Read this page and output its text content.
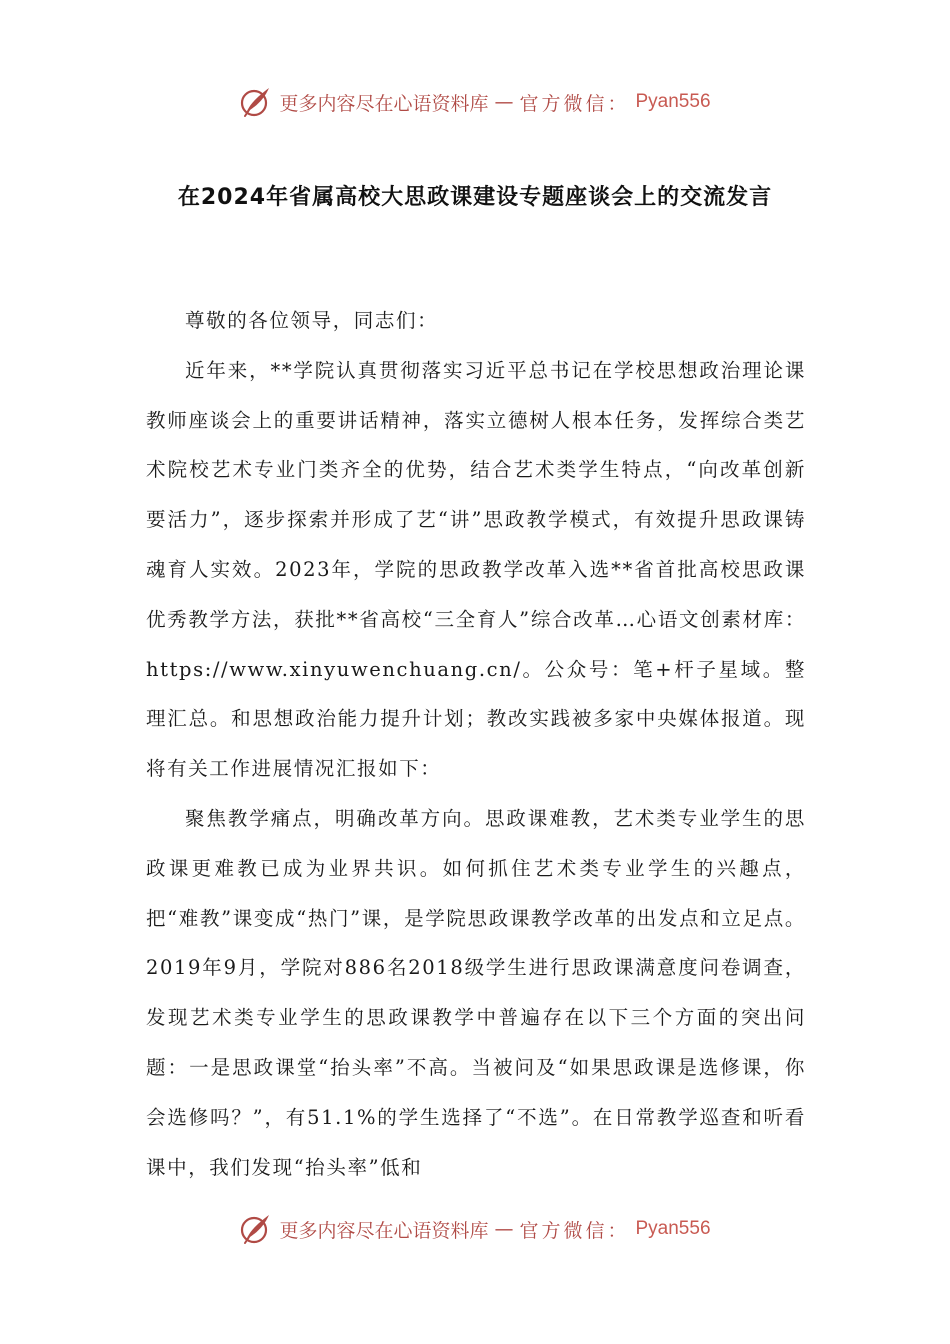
更多内容尽在心语资料库 — 官方微信： Pyan556
在2024年省属高校大思政课建设专题座谈会上的交流发言

尊敬的各位领导，同志们：

近年来，**学院认真贯彻落实习近平总书记在学校思想政治理论课教师座谈会上的重要讲话精神，落实立德树人根本任务，发挥综合类艺术院校艺术专业门类齐全的优势，结合艺术类学生特点，“向改革创新要活力”，逐步探索并形成了艺“讲”思政教学模式，有效提升思政课铸魂育人实效。2023年，学院的思政教学改革入选**省首批高校思政课优秀教学方法，获批**省高校“三全育人”综合改革…心语文创素材库：https://www.xinyuwenchuang.cn/。公众号：笔+杆子星域。整理汇总。和思想政治能力提升计划；教改实践被多家中央媒体报道。现将有关工作进展情况汇报如下：

聚焦教学痛点，明确改革方向。思政课难教，艺术类专业学生的思政课更难教已成为业界共识。如何抓住艺术类专业学生的兴趣点，把“难教”课变成“热门”课，是学院思政课教学改革的出发点和立足点。2019年9月，学院对886名2018级学生进行思政课满意度问卷调查，发现艺术类专业学生的思政课教学中普遍存在以下三个方面的突出问题：一是思政课堂“抬头率”不高。当被问及“如果思政课是选修课，你会选修吗？”，有51.1%的学生选择了“不选”。在日常教学巡查和听看课中，我们发现“抬头率”低和

更多内容尽在心语资料库 — 官方微信： Pyan556
